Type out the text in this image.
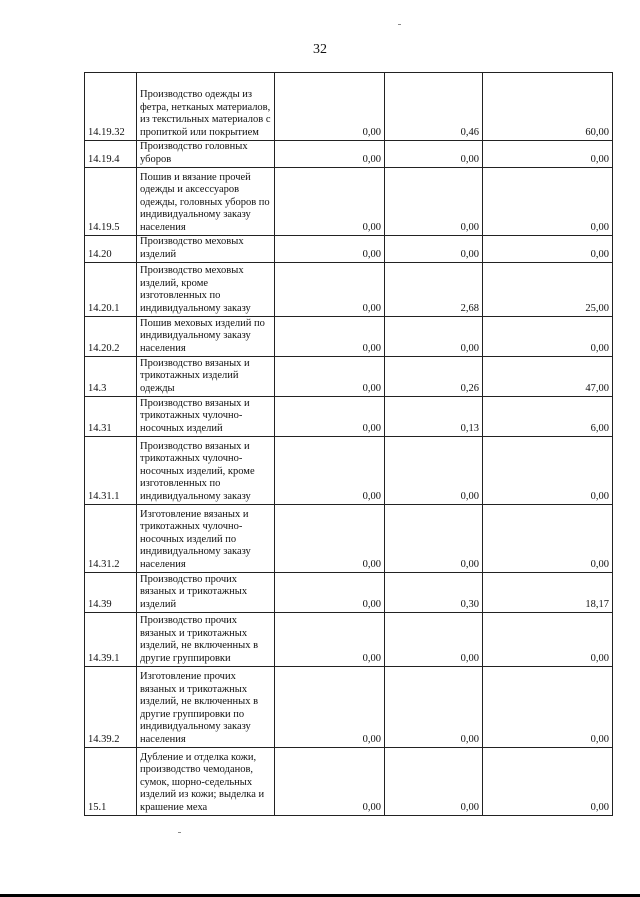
32
14.19.32	Производство одежды из фетра, нетканых материалов, из текстильных материалов с пропиткой или покрытием	0,00	0,46	60,00
14.19.4	Производство головных уборов	0,00	0,00	0,00
14.19.5	Пошив и вязание прочей одежды и аксессуаров одежды, головных уборов по индивидуальному заказу населения	0,00	0,00	0,00
14.20	Производство меховых изделий	0,00	0,00	0,00
14.20.1	Производство меховых изделий, кроме изготовленных по индивидуальному заказу	0,00	2,68	25,00
14.20.2	Пошив меховых изделий по индивидуальному заказу населения	0,00	0,00	0,00
14.3	Производство вязаных и трикотажных изделий одежды	0,00	0,26	47,00
14.31	Производство вязаных и трикотажных чулочно-носочных изделий	0,00	0,13	6,00
14.31.1	Производство вязаных и трикотажных чулочно-носочных изделий, кроме изготовленных по индивидуальному заказу	0,00	0,00	0,00
14.31.2	Изготовление вязаных и трикотажных чулочно-носочных изделий по индивидуальному заказу населения	0,00	0,00	0,00
14.39	Производство прочих вязаных и трикотажных изделий	0,00	0,30	18,17
14.39.1	Производство прочих вязаных и трикотажных изделий, не включенных в другие группировки	0,00	0,00	0,00
14.39.2	Изготовление прочих вязаных и трикотажных изделий, не включенных в другие группировки по индивидуальному заказу населения	0,00	0,00	0,00
15.1	Дубление и отделка кожи, производство чемоданов, сумок, шорно-седельных изделий из кожи; выделка и крашение меха	0,00	0,00	0,00
